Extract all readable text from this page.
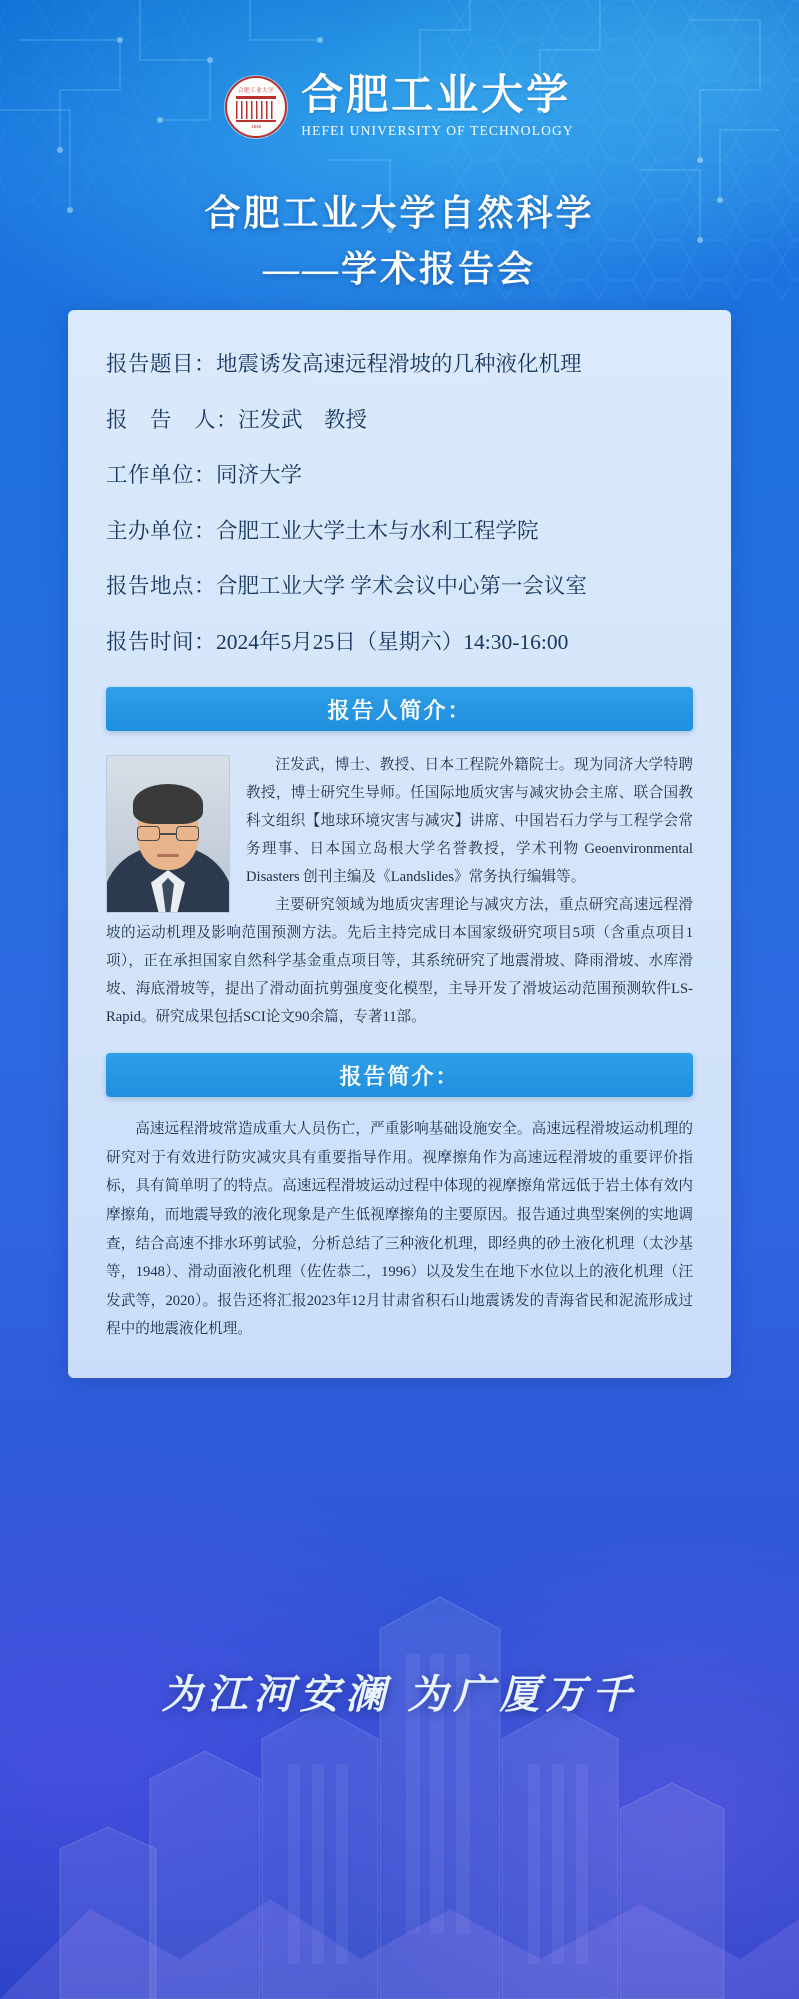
合肥工业大学
1945
合肥工业大学
HEFEI UNIVERSITY OF TECHNOLOGY
合肥工业大学自然科学
——学术报告会
报告题目：地震诱发高速远程滑坡的几种液化机理
报　告　人：汪发武　教授
工作单位：同济大学
主办单位：合肥工业大学土木与水利工程学院
报告地点：合肥工业大学 学术会议中心第一会议室
报告时间：2024年5月25日（星期六）14:30-16:00
报告人简介：

汪发武，博士、教授、日本工程院外籍院士。现为同济大学特聘教授，博士研究生导师。任国际地质灾害与减灾协会主席、联合国教科文组织【地球环境灾害与减灾】讲席、中国岩石力学与工程学会常务理事、日本国立岛根大学名誉教授，学术刊物 Geoenvironmental Disasters 创刊主编及《Landslides》常务执行编辑等。

主要研究领域为地质灾害理论与减灾方法，重点研究高速远程滑坡的运动机理及影响范围预测方法。先后主持完成日本国家级研究项目5项（含重点项目1项），正在承担国家自然科学基金重点项目等，其系统研究了地震滑坡、降雨滑坡、水库滑坡、海底滑坡等，提出了滑动面抗剪强度变化模型，主导开发了滑坡运动范围预测软件LS-Rapid。研究成果包括SCI论文90余篇，专著11部。

报告简介：

高速远程滑坡常造成重大人员伤亡，严重影响基础设施安全。高速远程滑坡运动机理的研究对于有效进行防灾减灾具有重要指导作用。视摩擦角作为高速远程滑坡的重要评价指标，具有简单明了的特点。高速远程滑坡运动过程中体现的视摩擦角常远低于岩土体有效内摩擦角，而地震导致的液化现象是产生低视摩擦角的主要原因。报告通过典型案例的实地调查，结合高速不排水环剪试验，分析总结了三种液化机理，即经典的砂土液化机理（太沙基等，1948）、滑动面液化机理（佐佐恭二，1996）以及发生在地下水位以上的液化机理（汪发武等，2020）。报告还将汇报2023年12月甘肃省积石山地震诱发的青海省民和泥流形成过程中的地震液化机理。

为江河安澜 为广厦万千
